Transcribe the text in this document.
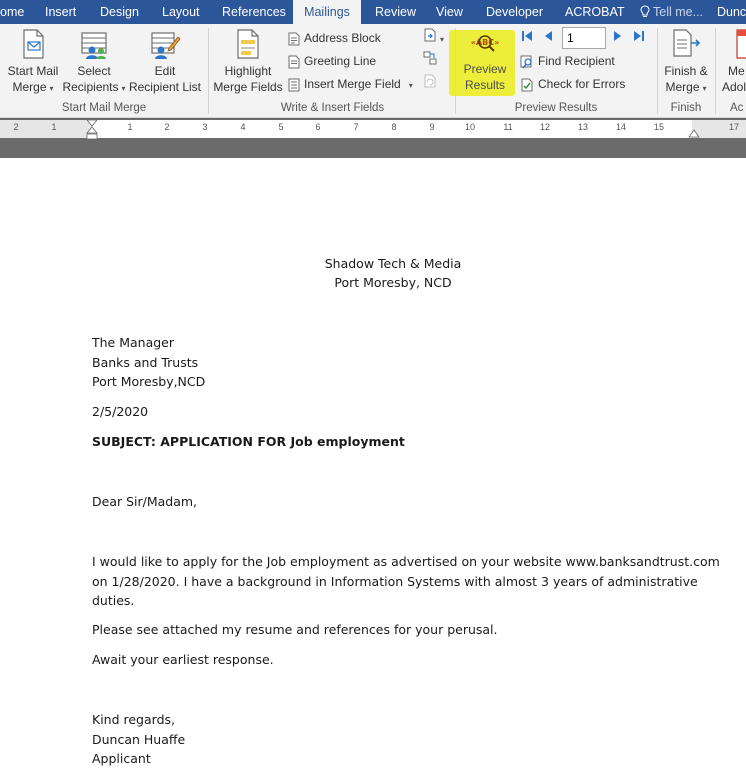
ome Insert Design Layout References	Mailings	Review View Developer ACROBAT	Tell me... Dunc
Start Mail
Merge ▾
Select
Recipients ▾
Edit
Recipient List
Start Mail Merge
Highlight
Merge Fields
Address Block
Greeting Line
Insert Merge Field ▾
▾
Write & Insert Fields
«ABC»
Preview
Results
1
Find Recipient
Check for Errors
Preview Results
Finish &
Merge ▾
Finish
Me
Adol
Ac
2	1	1	2	3	4	5	6	7	8	9	10	11	12	13	14	15	17
Shadow Tech & Media
Port Moresby, NCD
The Manager
Banks and Trusts
Port Moresby,NCD
2/5/2020
SUBJECT: APPLICATION FOR Job employment
Dear Sir/Madam,
I would like to apply for the Job employment as advertised on your website www.banksandtrust.com
on 1/28/2020. I have a background in Information Systems with almost 3 years of administrative
duties.
Please see attached my resume and references for your perusal.
Await your earliest response.
Kind regards,
Duncan Huaffe
Applicant
